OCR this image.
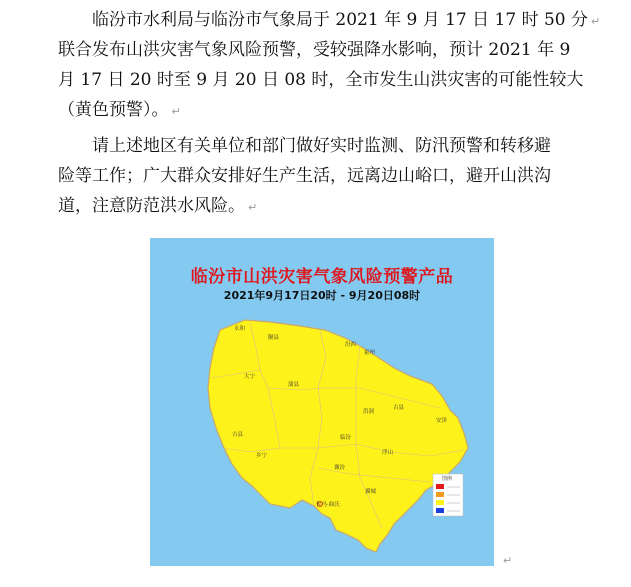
临汾市水利局与临汾市气象局于 2021 年 9 月 17 日 17 时 50 分 ↵
联合发布山洪灾害气象风险预警，受较强降水影响，预计 2021 年 9
月 17 日 20 时至 9 月 20 日 08 时，全市发生山洪灾害的可能性较大
（黄色预警）。 ↵
请上述地区有关单位和部门做好实时监测、防汛预警和转移避
险等工作；广大群众安排好生产生活，远离边山峪口，避开山洪沟
道，注意防范洪水风险。 ↵
永和
隰县
汾西
霍州
大宁
蒲县
洪洞
古县
吉县	临汾
安泽
乡宁	浮山
襄汾
翼城
侯马·曲沃
图例
临汾市山洪灾害气象风险预警产品
2021年9月17日20时 - 9月20日08时
↵
